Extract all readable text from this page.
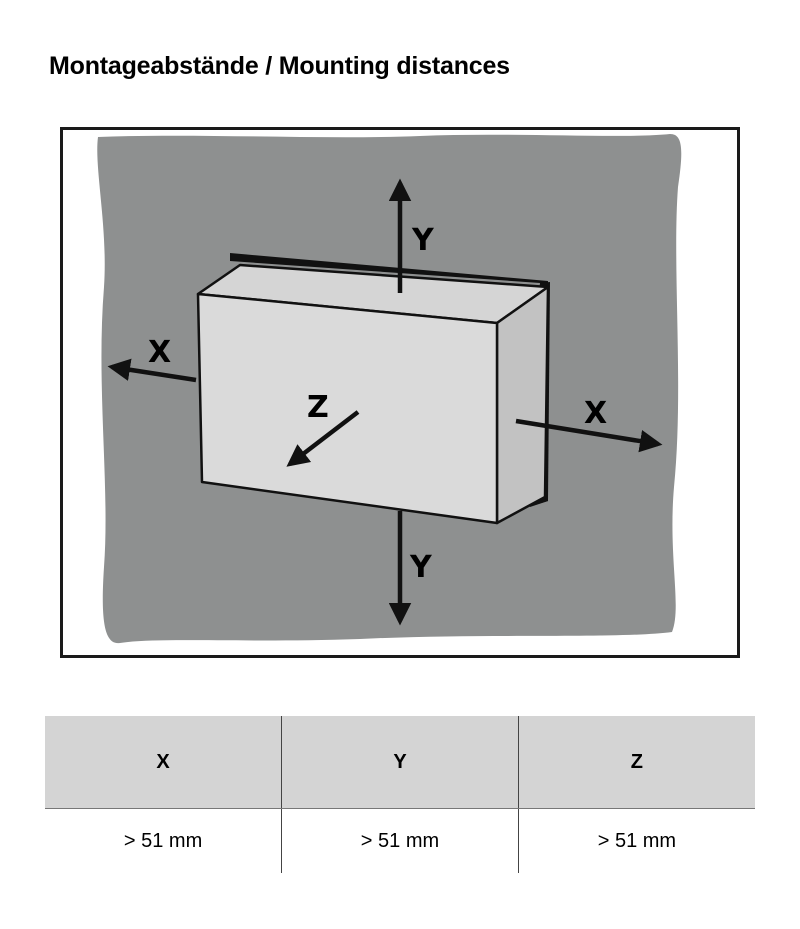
Montageabstände / Mounting distances
Y
Y
X
X
Z
X	Y	Z
> 51 mm	> 51 mm	> 51 mm
